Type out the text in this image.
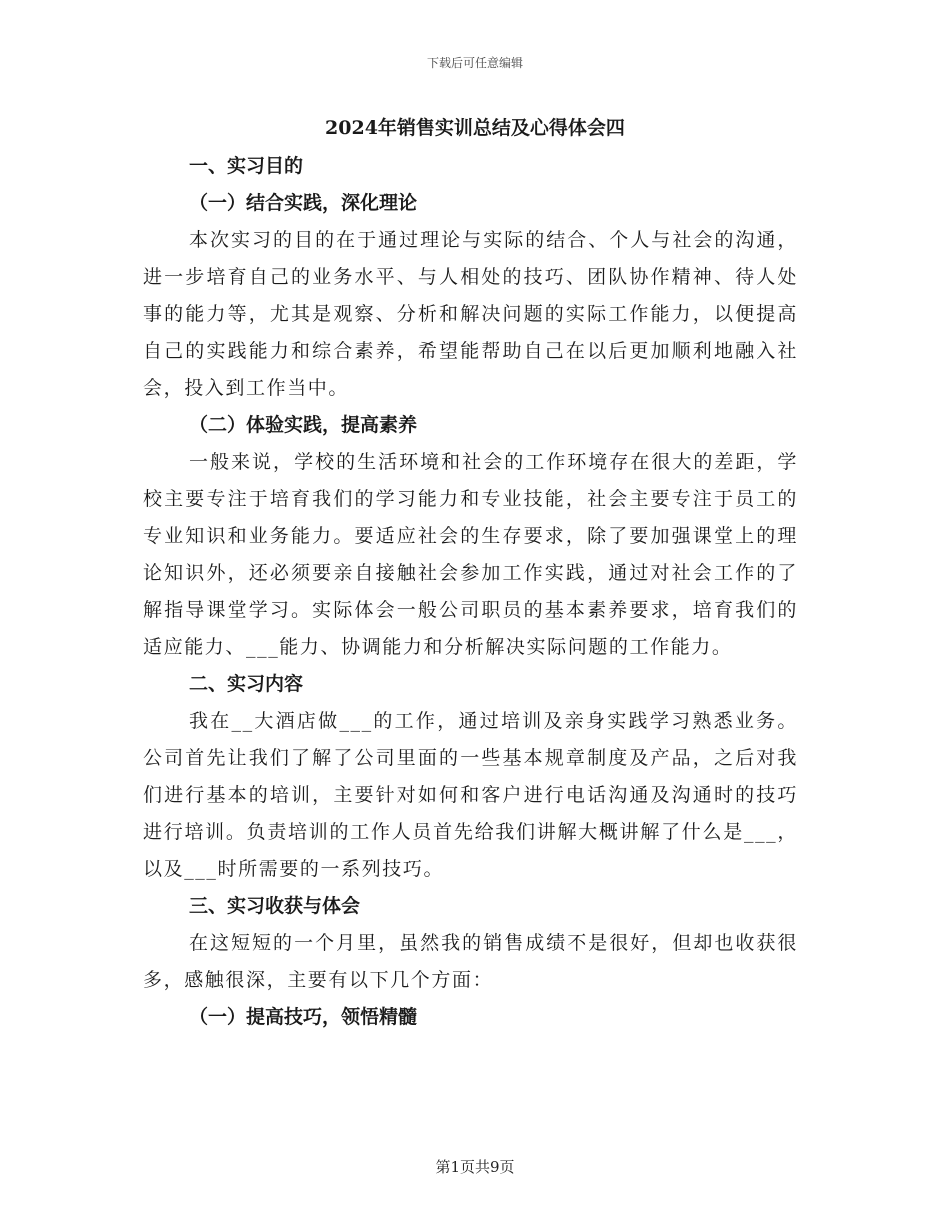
下载后可任意编辑
2024年销售实训总结及心得体会四
一、实习目的
（一）结合实践，深化理论
本次实习的目的在于通过理论与实际的结合、个人与社会的沟通，进一步培育自己的业务水平、与人相处的技巧、团队协作精神、待人处事的能力等，尤其是观察、分析和解决问题的实际工作能力，以便提高自己的实践能力和综合素养，希望能帮助自己在以后更加顺利地融入社会，投入到工作当中。
（二）体验实践，提高素养
一般来说，学校的生活环境和社会的工作环境存在很大的差距，学校主要专注于培育我们的学习能力和专业技能，社会主要专注于员工的专业知识和业务能力。要适应社会的生存要求，除了要加强课堂上的理论知识外，还必须要亲自接触社会参加工作实践，通过对社会工作的了解指导课堂学习。实际体会一般公司职员的基本素养要求，培育我们的适应能力、___能力、协调能力和分析解决实际问题的工作能力。
二、实习内容
我在__大酒店做___的工作，通过培训及亲身实践学习熟悉业务。公司首先让我们了解了公司里面的一些基本规章制度及产品，之后对我们进行基本的培训，主要针对如何和客户进行电话沟通及沟通时的技巧进行培训。负责培训的工作人员首先给我们讲解大概讲解了什么是___，以及___时所需要的一系列技巧。
三、实习收获与体会
在这短短的一个月里，虽然我的销售成绩不是很好，但却也收获很多，感触很深，主要有以下几个方面：
（一）提高技巧，领悟精髓
第1页共9页
